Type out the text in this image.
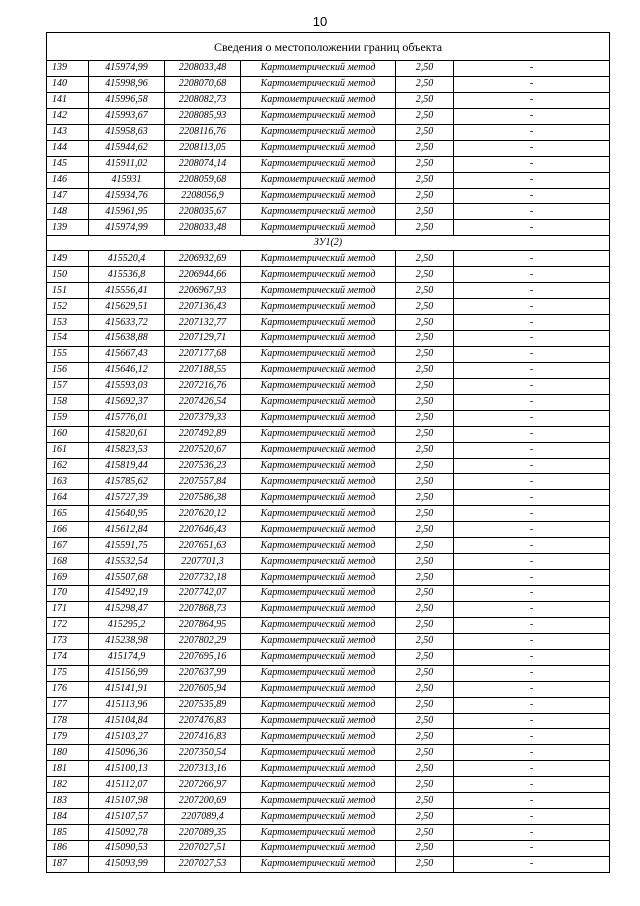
10
Сведения о местоположении границ объекта					
139	415974,99	2208033,48	Картометрический метод	2,50	-
140	415998,96	2208070,68	Картометрический метод	2,50	-
141	415996,58	2208082,73	Картометрический метод	2,50	-
142	415993,67	2208085,93	Картометрический метод	2,50	-
143	415958,63	2208116,76	Картометрический метод	2,50	-
144	415944,62	2208113,05	Картометрический метод	2,50	-
145	415911,02	2208074,14	Картометрический метод	2,50	-
146	415931	2208059,68	Картометрический метод	2,50	-
147	415934,76	2208056,9	Картометрический метод	2,50	-
148	415961,95	2208035,67	Картометрический метод	2,50	-
139	415974,99	2208033,48	Картометрический метод	2,50	-
ЗУ1(2)					
149	415520,4	2206932,69	Картометрический метод	2,50	-
150	415536,8	2206944,66	Картометрический метод	2,50	-
151	415556,41	2206967,93	Картометрический метод	2,50	-
152	415629,51	2207136,43	Картометрический метод	2,50	-
153	415633,72	2207132,77	Картометрический метод	2,50	-
154	415638,88	2207129,71	Картометрический метод	2,50	-
155	415667,43	2207177,68	Картометрический метод	2,50	-
156	415646,12	2207188,55	Картометрический метод	2,50	-
157	415593,03	2207216,76	Картометрический метод	2,50	-
158	415692,37	2207426,54	Картометрический метод	2,50	-
159	415776,01	2207379,33	Картометрический метод	2,50	-
160	415820,61	2207492,89	Картометрический метод	2,50	-
161	415823,53	2207520,67	Картометрический метод	2,50	-
162	415819,44	2207536,23	Картометрический метод	2,50	-
163	415785,62	2207557,84	Картометрический метод	2,50	-
164	415727,39	2207586,38	Картометрический метод	2,50	-
165	415640,95	2207620,12	Картометрический метод	2,50	-
166	415612,84	2207646,43	Картометрический метод	2,50	-
167	415591,75	2207651,63	Картометрический метод	2,50	-
168	415532,54	2207701,3	Картометрический метод	2,50	-
169	415507,68	2207732,18	Картометрический метод	2,50	-
170	415492,19	2207742,07	Картометрический метод	2,50	-
171	415298,47	2207868,73	Картометрический метод	2,50	-
172	415295,2	2207864,95	Картометрический метод	2,50	-
173	415238,98	2207802,29	Картометрический метод	2,50	-
174	415174,9	2207695,16	Картометрический метод	2,50	-
175	415156,99	2207637,99	Картометрический метод	2,50	-
176	415141,91	2207605,94	Картометрический метод	2,50	-
177	415113,96	2207535,89	Картометрический метод	2,50	-
178	415104,84	2207476,83	Картометрический метод	2,50	-
179	415103,27	2207416,83	Картометрический метод	2,50	-
180	415096,36	2207350,54	Картометрический метод	2,50	-
181	415100,13	2207313,16	Картометрический метод	2,50	-
182	415112,07	2207266,97	Картометрический метод	2,50	-
183	415107,98	2207200,69	Картометрический метод	2,50	-
184	415107,57	2207089,4	Картометрический метод	2,50	-
185	415092,78	2207089,35	Картометрический метод	2,50	-
186	415090,53	2207027,51	Картометрический метод	2,50	-
187	415093,99	2207027,53	Картометрический метод	2,50	-
